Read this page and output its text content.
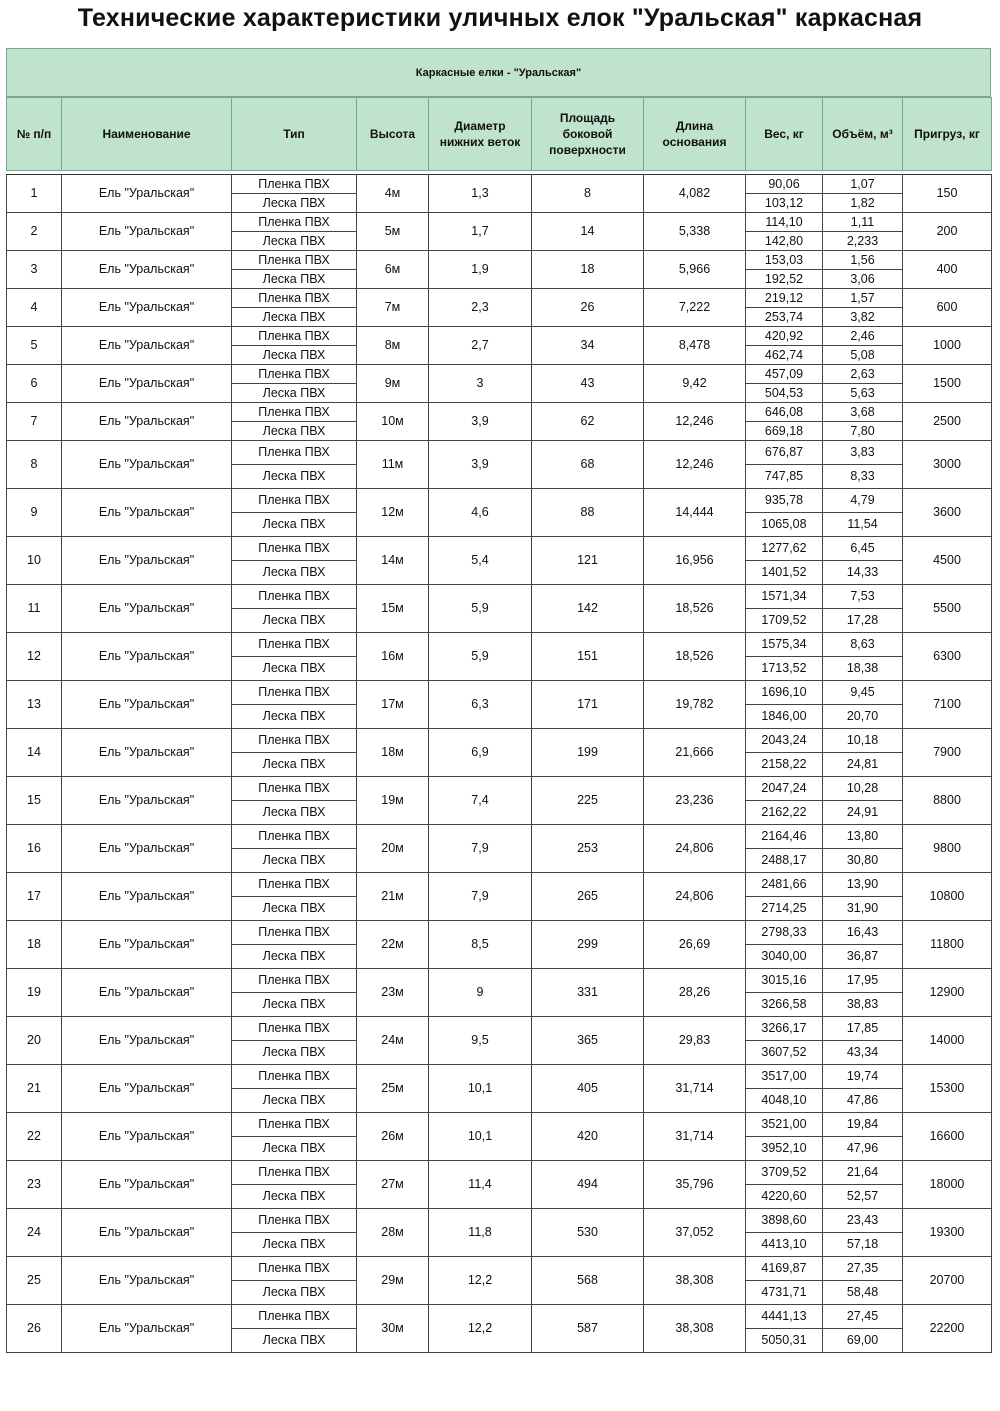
Технические характеристики уличных елок "Уральская" каркасная
Каркасные елки - "Уральская"
№ п/п	Наименование	Тип	Высота	Диаметр нижних веток	Площадь боковой поверхности	Длина основания	Вес, кг	Объём, м³	Пригруз, кг
1	Ель "Уральская"	Пленка ПВХ	4м	1,3	8	4,082	90,06	1,07	150
		Леска ПВХ					103,12	1,82	
2	Ель "Уральская"	Пленка ПВХ	5м	1,7	14	5,338	114,10	1,11	200
		Леска ПВХ					142,80	2,233	
3	Ель "Уральская"	Пленка ПВХ	6м	1,9	18	5,966	153,03	1,56	400
		Леска ПВХ					192,52	3,06	
4	Ель "Уральская"	Пленка ПВХ	7м	2,3	26	7,222	219,12	1,57	600
		Леска ПВХ					253,74	3,82	
5	Ель "Уральская"	Пленка ПВХ	8м	2,7	34	8,478	420,92	2,46	1000
		Леска ПВХ					462,74	5,08	
6	Ель "Уральская"	Пленка ПВХ	9м	3	43	9,42	457,09	2,63	1500
		Леска ПВХ					504,53	5,63	
7	Ель "Уральская"	Пленка ПВХ	10м	3,9	62	12,246	646,08	3,68	2500
		Леска ПВХ					669,18	7,80	
8	Ель "Уральская"	Пленка ПВХ	11м	3,9	68	12,246	676,87	3,83	3000
		Леска ПВХ					747,85	8,33	
9	Ель "Уральская"	Пленка ПВХ	12м	4,6	88	14,444	935,78	4,79	3600
		Леска ПВХ					1065,08	11,54	
10	Ель "Уральская"	Пленка ПВХ	14м	5,4	121	16,956	1277,62	6,45	4500
		Леска ПВХ					1401,52	14,33	
11	Ель "Уральская"	Пленка ПВХ	15м	5,9	142	18,526	1571,34	7,53	5500
		Леска ПВХ					1709,52	17,28	
12	Ель "Уральская"	Пленка ПВХ	16м	5,9	151	18,526	1575,34	8,63	6300
		Леска ПВХ					1713,52	18,38	
13	Ель "Уральская"	Пленка ПВХ	17м	6,3	171	19,782	1696,10	9,45	7100
		Леска ПВХ					1846,00	20,70	
14	Ель "Уральская"	Пленка ПВХ	18м	6,9	199	21,666	2043,24	10,18	7900
		Леска ПВХ					2158,22	24,81	
15	Ель "Уральская"	Пленка ПВХ	19м	7,4	225	23,236	2047,24	10,28	8800
		Леска ПВХ					2162,22	24,91	
16	Ель "Уральская"	Пленка ПВХ	20м	7,9	253	24,806	2164,46	13,80	9800
		Леска ПВХ					2488,17	30,80	
17	Ель "Уральская"	Пленка ПВХ	21м	7,9	265	24,806	2481,66	13,90	10800
		Леска ПВХ					2714,25	31,90	
18	Ель "Уральская"	Пленка ПВХ	22м	8,5	299	26,69	2798,33	16,43	11800
		Леска ПВХ					3040,00	36,87	
19	Ель "Уральская"	Пленка ПВХ	23м	9	331	28,26	3015,16	17,95	12900
		Леска ПВХ					3266,58	38,83	
20	Ель "Уральская"	Пленка ПВХ	24м	9,5	365	29,83	3266,17	17,85	14000
		Леска ПВХ					3607,52	43,34	
21	Ель "Уральская"	Пленка ПВХ	25м	10,1	405	31,714	3517,00	19,74	15300
		Леска ПВХ					4048,10	47,86	
22	Ель "Уральская"	Пленка ПВХ	26м	10,1	420	31,714	3521,00	19,84	16600
		Леска ПВХ					3952,10	47,96	
23	Ель "Уральская"	Пленка ПВХ	27м	11,4	494	35,796	3709,52	21,64	18000
		Леска ПВХ					4220,60	52,57	
24	Ель "Уральская"	Пленка ПВХ	28м	11,8	530	37,052	3898,60	23,43	19300
		Леска ПВХ					4413,10	57,18	
25	Ель "Уральская"	Пленка ПВХ	29м	12,2	568	38,308	4169,87	27,35	20700
		Леска ПВХ					4731,71	58,48	
26	Ель "Уральская"	Пленка ПВХ	30м	12,2	587	38,308	4441,13	27,45	22200
		Леска ПВХ					5050,31	69,00	
